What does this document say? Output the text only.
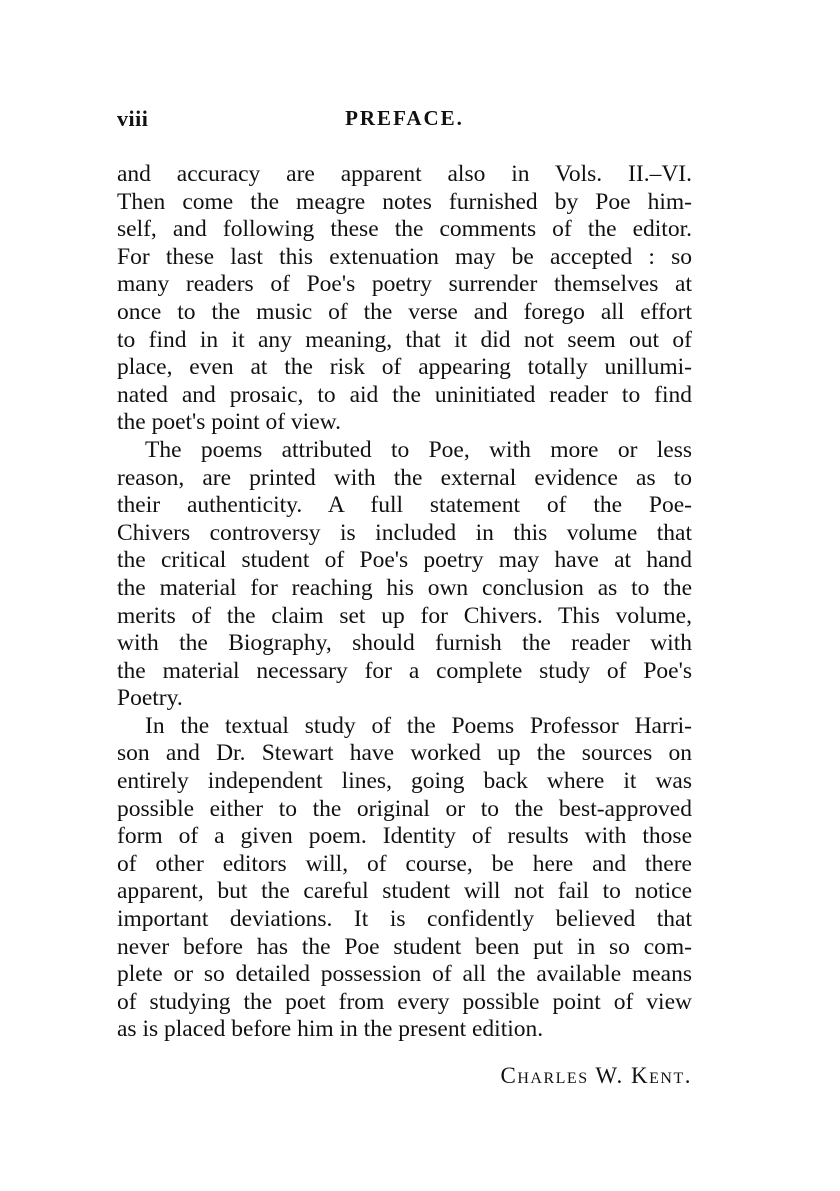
viii	PREFACE.
and accuracy are apparent also in Vols. II.–VI.
Then come the meagre notes furnished by Poe him-
self, and following these the comments of the editor.
For these last this extenuation may be accepted : so
many readers of Poe's poetry surrender themselves at
once to the music of the verse and forego all effort
to find in it any meaning, that it did not seem out of
place, even at the risk of appearing totally unillumi-
nated and prosaic, to aid the uninitiated reader to find
the poet's point of view.
The poems attributed to Poe, with more or less
reason, are printed with the external evidence as to
their authenticity. A full statement of the Poe-
Chivers controversy is included in this volume that
the critical student of Poe's poetry may have at hand
the material for reaching his own conclusion as to the
merits of the claim set up for Chivers. This volume,
with the Biography, should furnish the reader with
the material necessary for a complete study of Poe's
Poetry.
In the textual study of the Poems Professor Harri-
son and Dr. Stewart have worked up the sources on
entirely independent lines, going back where it was
possible either to the original or to the best-approved
form of a given poem. Identity of results with those
of other editors will, of course, be here and there
apparent, but the careful student will not fail to notice
important deviations. It is confidently believed that
never before has the Poe student been put in so com-
plete or so detailed possession of all the available means
of studying the poet from every possible point of view
as is placed before him in the present edition.
Charles W. Kent.
